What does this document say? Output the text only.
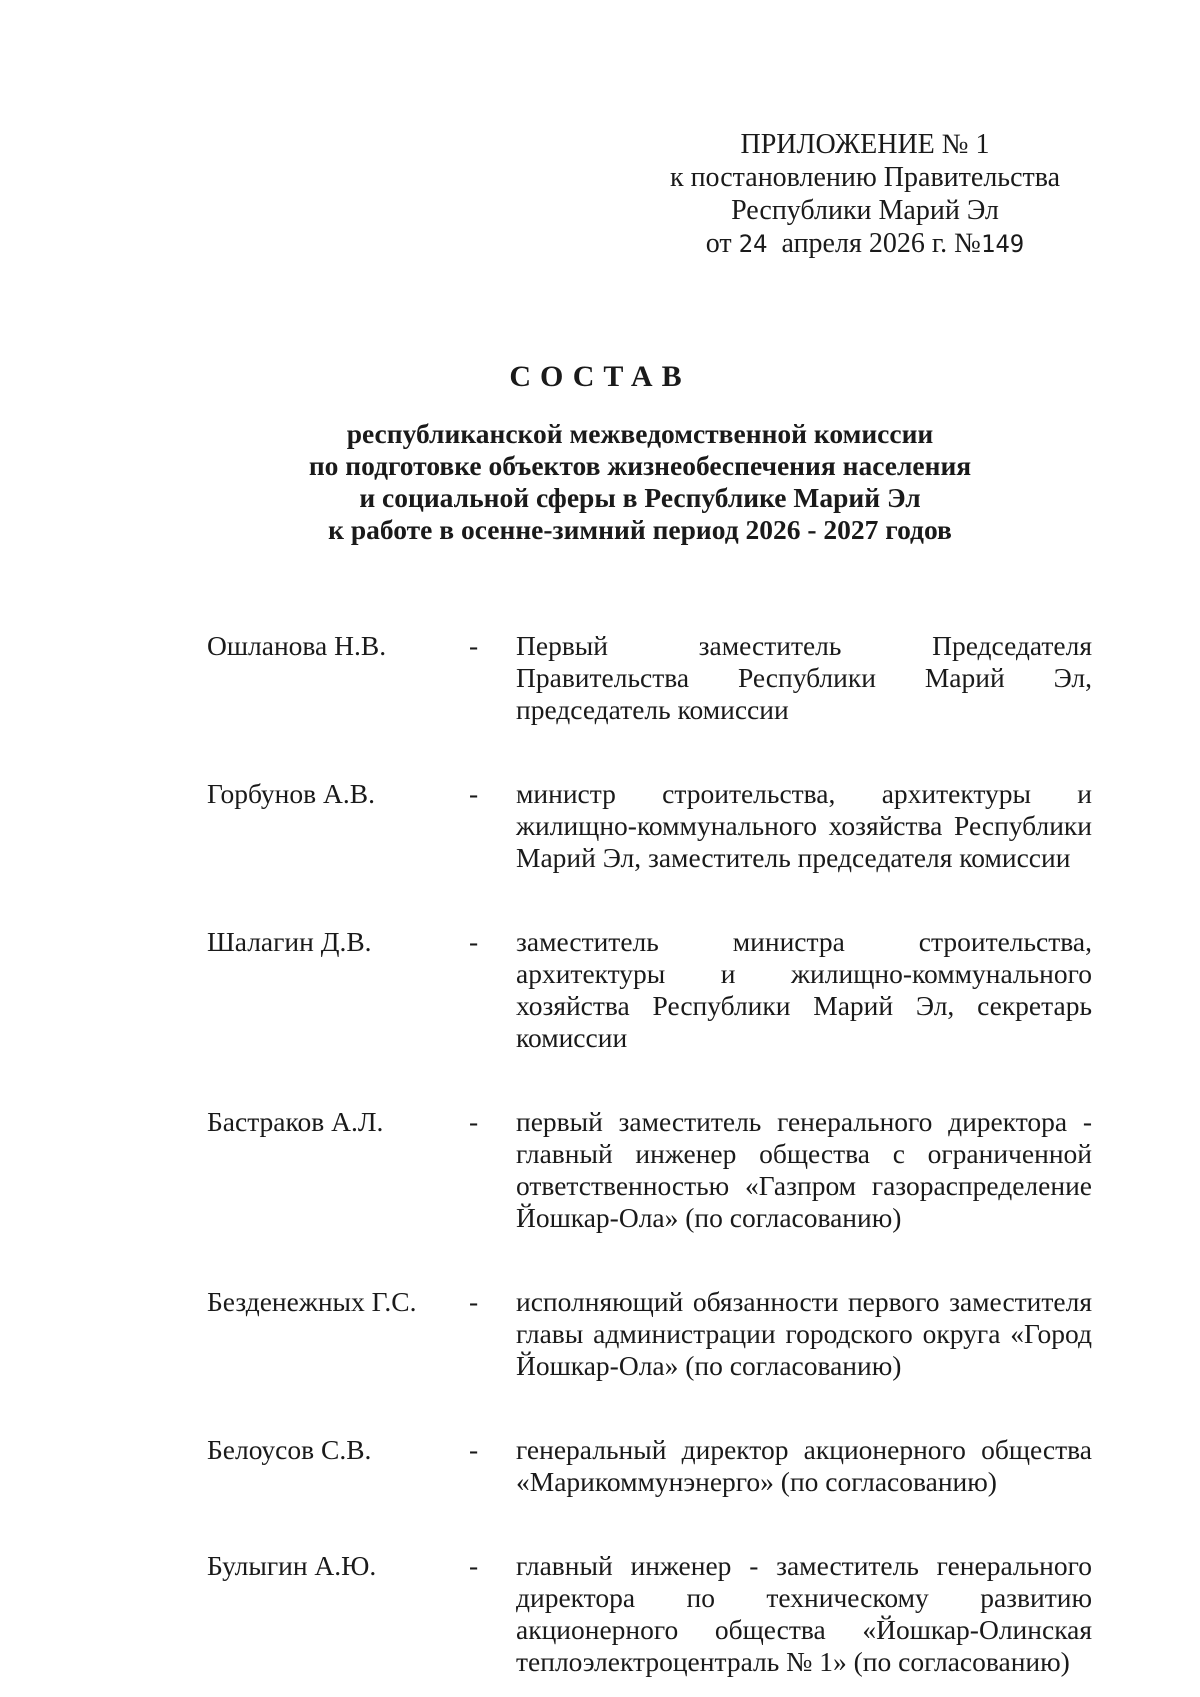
ПРИЛОЖЕНИЕ № 1
к постановлению Правительства
Республики Марий Эл
от 24 апреля 2026 г. №149
СОСТАВ
республиканской межведомственной комиссии
по подготовке объектов жизнеобеспечения населения
и социальной сферы в Республике Марий Эл
к работе в осенне-зимний период 2026 - 2027 годов
Ошланова Н.В.	- Первый заместитель Председателя Правительства Республики Марий Эл, председатель комиссии
Горбунов А.В.	- министр строительства, архитектуры и жилищно-коммунального хозяйства Республики Марий Эл, заместитель председателя комиссии
Шалагин Д.В.	- заместитель министра строительства, архитектуры и жилищно-коммунального хозяйства Республики Марий Эл, секретарь комиссии
Бастраков А.Л.	- первый заместитель генерального директора - главный инженер общества с ограниченной ответственностью «Газпром газораспределение Йошкар-Ола» (по согласованию)
Безденежных Г.С. - исполняющий обязанности первого заместителя главы администрации городского округа «Город Йошкар-Ола» (по согласованию)
Белоусов С.В.	- генеральный директор акционерного общества «Марикоммунэнерго» (по согласованию)
Булыгин А.Ю.	- главный инженер - заместитель генерального директора по техническому развитию акционерного общества «Йошкар-Олинская теплоэлектроцентраль № 1» (по согласованию)
